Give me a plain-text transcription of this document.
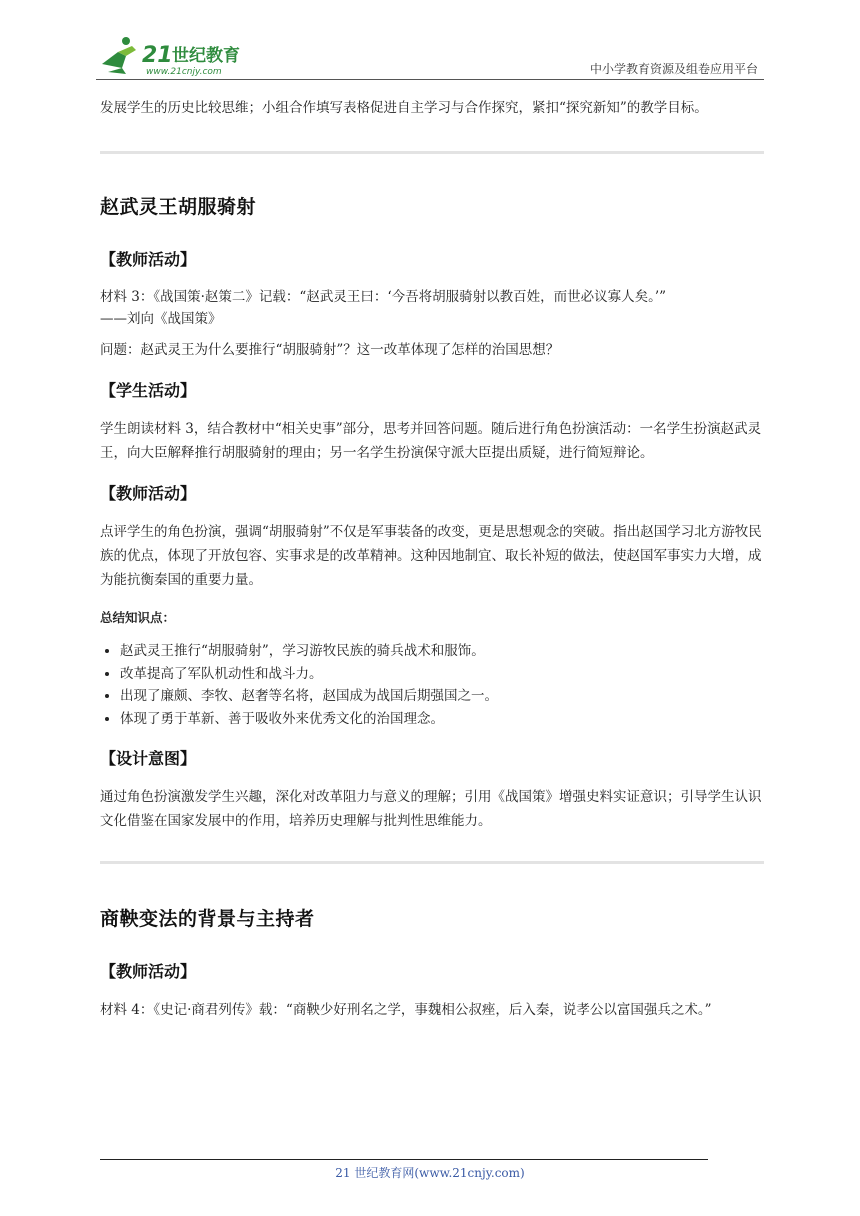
21 世纪教育
www.21cnjy.com	中小学教育资源及组卷应用平台

发展学生的历史比较思维；小组合作填写表格促进自主学习与合作探究，紧扣“探究新知”的教学目标。

赵武灵王胡服骑射
【教师活动】

材料 3：《战国策·赵策二》记载：“赵武灵王曰：‘今吾将胡服骑射以教百姓，而世必议寡人矣。’”

——刘向《战国策》

问题：赵武灵王为什么要推行“胡服骑射”？这一改革体现了怎样的治国思想？

【学生活动】

学生朗读材料 3，结合教材中“相关史事”部分，思考并回答问题。随后进行角色扮演活动：一名学生扮演赵武灵王，向大臣解释推行胡服骑射的理由；另一名学生扮演保守派大臣提出质疑，进行简短辩论。

【教师活动】

点评学生的角色扮演，强调“胡服骑射”不仅是军事装备的改变，更是思想观念的突破。指出赵国学习北方游牧民族的优点，体现了开放包容、实事求是的改革精神。这种因地制宜、取长补短的做法，使赵国军事实力大增，成为能抗衡秦国的重要力量。

总结知识点：
• 赵武灵王推行“胡服骑射”，学习游牧民族的骑兵战术和服饰。
• 改革提高了军队机动性和战斗力。
• 出现了廉颇、李牧、赵奢等名将，赵国成为战国后期强国之一。
• 体现了勇于革新、善于吸收外来优秀文化的治国理念。
【设计意图】

通过角色扮演激发学生兴趣，深化对改革阻力与意义的理解；引用《战国策》增强史料实证意识；引导学生认识文化借鉴在国家发展中的作用，培养历史理解与批判性思维能力。

商鞅变法的背景与主持者
【教师活动】

材料 4：《史记·商君列传》载：“商鞅少好刑名之学，事魏相公叔痤，后入秦，说孝公以富国强兵之术。”

21 世纪教育网(www.21cnjy.com)
